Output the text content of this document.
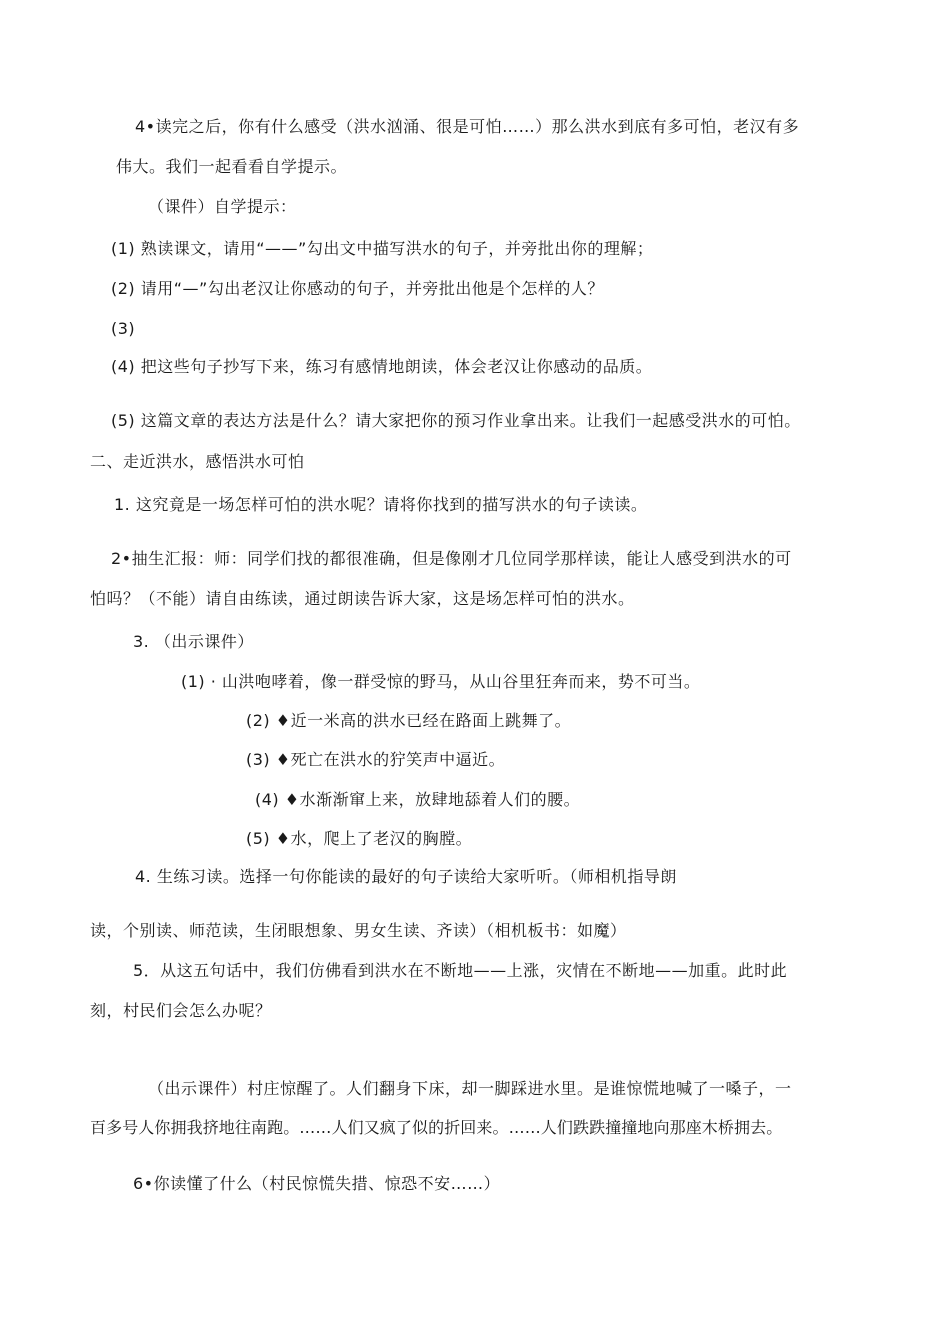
4•读完之后，你有什么感受（洪水汹涌、很是可怕……）那么洪水到底有多可怕，老汉有多
伟大。我们一起看看自学提示。
（课件）自学提示：
(1) 熟读课文，请用“——”勾出文中描写洪水的句子，并旁批出你的理解；
(2) 请用“—”勾出老汉让你感动的句子，并旁批出他是个怎样的人？
(3)
(4) 把这些句子抄写下来，练习有感情地朗读，体会老汉让你感动的品质。
(5) 这篇文章的表达方法是什么？请大家把你的预习作业拿出来。让我们一起感受洪水的可怕。
二、走近洪水，感悟洪水可怕
1. 这究竟是一场怎样可怕的洪水呢？请将你找到的描写洪水的句子读读。
2•抽生汇报：师：同学们找的都很准确，但是像刚才几位同学那样读，能让人感受到洪水的可
怕吗？（不能）请自由练读，通过朗读告诉大家，这是场怎样可怕的洪水。
3. （出示课件）
(1) · 山洪咆哮着，像一群受惊的野马，从山谷里狂奔而来，势不可当。
(2) ♦近一米高的洪水已经在路面上跳舞了。
(3) ♦死亡在洪水的狞笑声中逼近。
(4) ♦水渐渐窜上来，放肆地舔着人们的腰。
(5) ♦水，爬上了老汉的胸膛。
4. 生练习读。选择一句你能读的最好的句子读给大家听听。（师相机指导朗
读，个别读、师范读，生闭眼想象、男女生读、齐读）（相机板书：如魔）
5．从这五句话中，我们仿佛看到洪水在不断地——上涨，灾情在不断地——加重。此时此
刻，村民们会怎么办呢？
（出示课件）村庄惊醒了。人们翻身下床，却一脚踩进水里。是谁惊慌地喊了一嗓子，一
百多号人你拥我挤地往南跑。……人们又疯了似的折回来。……人们跌跌撞撞地向那座木桥拥去。
6•你读懂了什么（村民惊慌失措、惊恐不安……）
